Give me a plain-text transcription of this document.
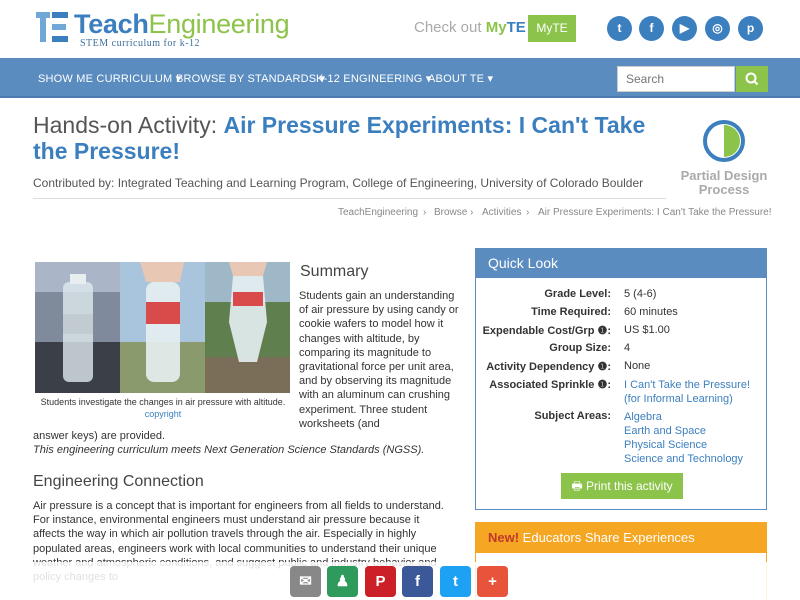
TeachEngineering
STEM curriculum for k-12
Check out MyTE MyTE	t	f	▶	◎	p
SHOW ME CURRICULUM ▾
BROWSE BY STANDARDS ▾
K-12 ENGINEERING ▾
ABOUT TE ▾
Search
Hands-on Activity: Air Pressure Experiments: I Can't Take the Pressure!
Contributed by: Integrated Teaching and Learning Program, College of Engineering, University of Colorado Boulder	Partial Design
Process
TeachEngineering › Browse › Activities › Air Pressure Experiments: I Can't Take the Pressure!
Students investigate the changes in air pressure with altitude.
copyright
Summary
Students gain an understanding of air pressure by using candy or cookie wafers to model how it changes with altitude, by comparing its magnitude to gravitational force per unit area, and by observing its magnitude with an aluminum can crushing experiment. Three student worksheets (and
answer keys) are provided.
This engineering curriculum meets Next Generation Science Standards (NGSS).
Engineering Connection
Air pressure is a concept that is important for engineers from all fields to understand. For instance, environmental engineers must understand air pressure because it affects the way in which air pollution travels through the air. Especially in highly populated areas, engineers work with local communities to understand their unique
Quick Look
Grade Level: 5 (4-6)
Time Required: 60 minutes
Expendable Cost/Grp ❶: US $1.00
Group Size: 4
Activity Dependency ❶: None
Associated Sprinkle ❶: I Can't Take the Pressure!
(for Informal Learning)
Subject Areas: Algebra
Earth and Space
Physical Science
Science and Technology
🖶 Print this activity
New! Educators Share Experiences
✉	♟	P	f	t	+
